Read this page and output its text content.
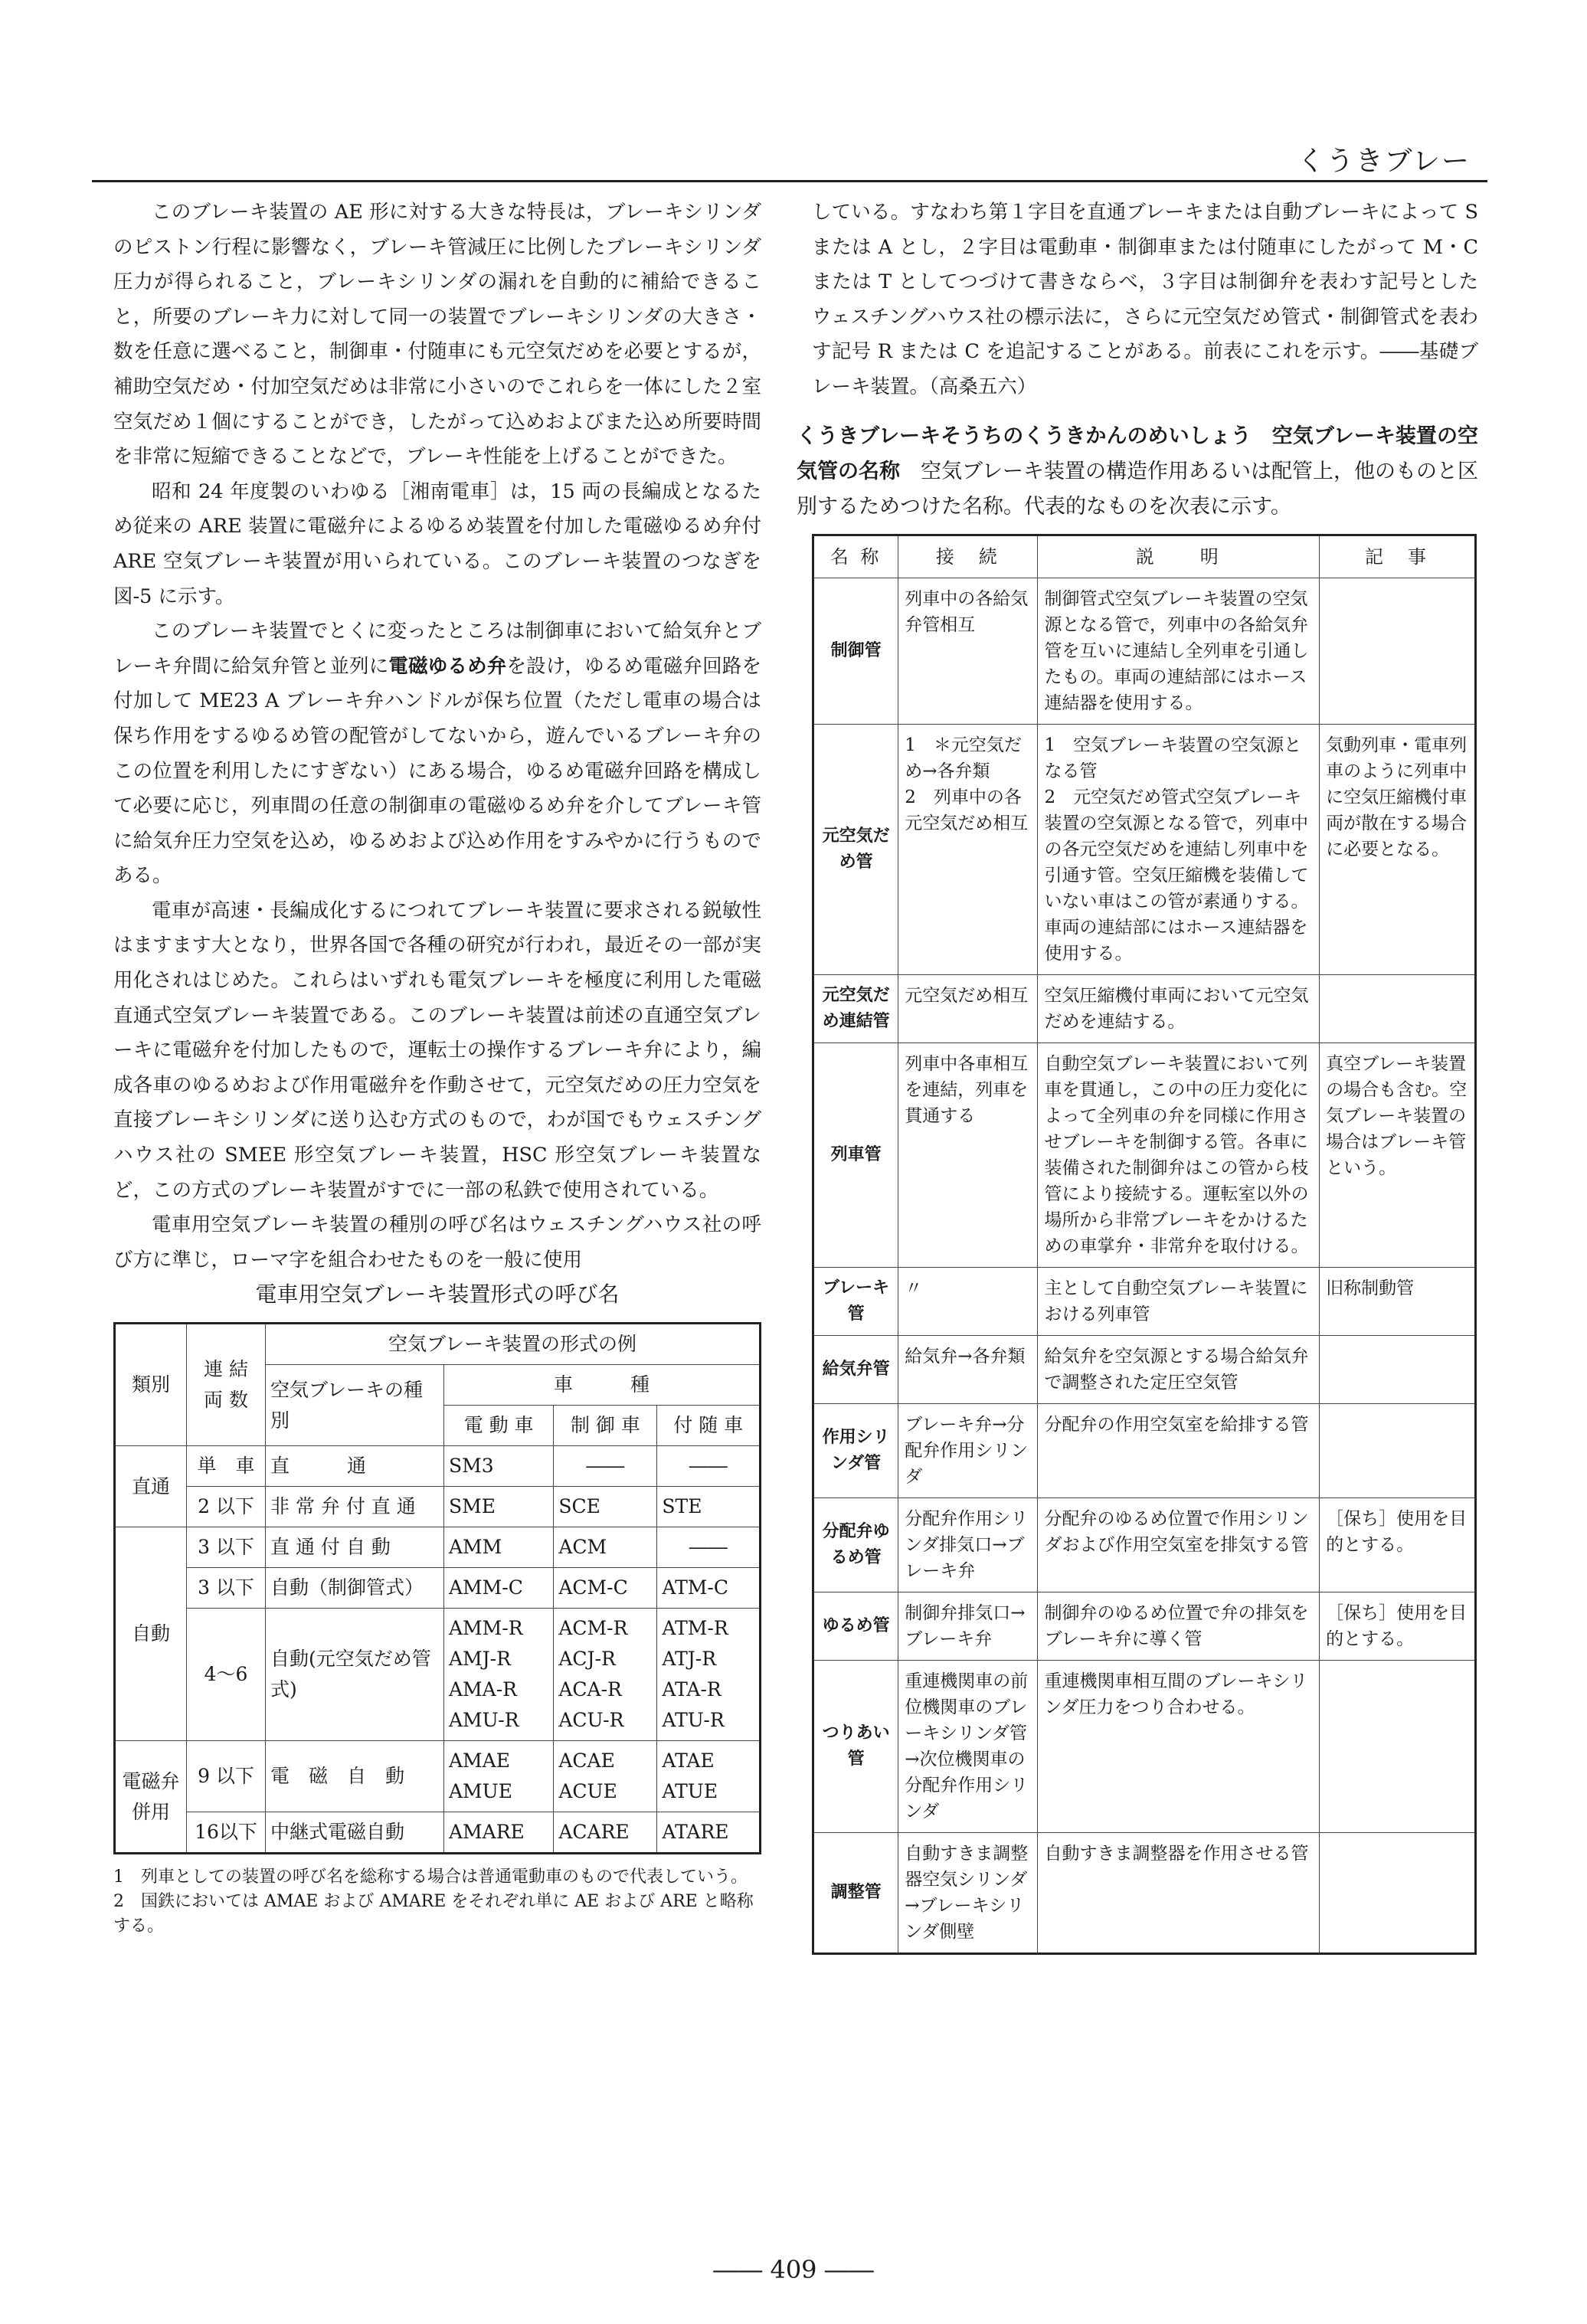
くうきブレー

このブレーキ装置の AE 形に対する大きな特長は，ブレーキシリンダのピストン行程に影響なく，ブレーキ管減圧に比例したブレーキシリンダ圧力が得られること，ブレーキシリンダの漏れを自動的に補給できること，所要のブレーキ力に対して同一の装置でブレーキシリンダの大きさ・数を任意に選べること，制御車・付随車にも元空気だめを必要とするが，補助空気だめ・付加空気だめは非常に小さいのでこれらを一体にした２室空気だめ１個にすることができ，したがって込めおよびまた込め所要時間を非常に短縮できることなどで，ブレーキ性能を上げることができた。

昭和 24 年度製のいわゆる［湘南電車］は，15 両の長編成となるため従来の ARE 装置に電磁弁によるゆるめ装置を付加した電磁ゆるめ弁付 ARE 空気ブレーキ装置が用いられている。このブレーキ装置のつなぎを図-5 に示す。

このブレーキ装置でとくに変ったところは制御車において給気弁とブレーキ弁間に給気弁管と並列に電磁ゆるめ弁を設け，ゆるめ電磁弁回路を付加して ME23 A ブレーキ弁ハンドルが保ち位置（ただし電車の場合は保ち作用をするゆるめ管の配管がしてないから，遊んでいるブレーキ弁のこの位置を利用したにすぎない）にある場合，ゆるめ電磁弁回路を構成して必要に応じ，列車間の任意の制御車の電磁ゆるめ弁を介してブレーキ管に給気弁圧力空気を込め，ゆるめおよび込め作用をすみやかに行うものである。

電車が高速・長編成化するにつれてブレーキ装置に要求される鋭敏性はますます大となり，世界各国で各種の研究が行われ，最近その一部が実用化されはじめた。これらはいずれも電気ブレーキを極度に利用した電磁直通式空気ブレーキ装置である。このブレーキ装置は前述の直通空気ブレーキに電磁弁を付加したもので，運転士の操作するブレーキ弁により，編成各車のゆるめおよび作用電磁弁を作動させて，元空気だめの圧力空気を直接ブレーキシリンダに送り込む方式のもので，わが国でもウェスチングハウス社の SMEE 形空気ブレーキ装置，HSC 形空気ブレーキ装置など，この方式のブレーキ装置がすでに一部の私鉄で使用されている。

電車用空気ブレーキ装置の種別の呼び名はウェスチングハウス社の呼び方に準じ，ローマ字を組合わせたものを一般に使用

電車用空気ブレーキ装置形式の呼び名

類別	連 結 両 数	空気ブレーキ装置の形式の例			
		空気ブレーキの種別	車　　　種		
			電 動 車	制 御 車	付 随 車
直通	単　車	直　　　通	SM3	――	――
	2 以下	非 常 弁 付 直 通	SME	SCE	STE
自動	3 以下	直 通 付 自 動	AMM	ACM	――
	3 以下	自動（制御管式）	AMM-C	ACM-C	ATM-C
	4～6	自動(元空気だめ管式)	AMM-R
AMJ-R
AMA-R
AMU-R	ACM-R
ACJ-R
ACA-R
ACU-R	ATM-R
ATJ-R
ATA-R
ATU-R
電磁弁併用	9 以下	電　磁　自　動	AMAE
AMUE	ACAE
ACUE	ATAE
ATUE
	16以下	中継式電磁自動	AMARE	ACARE	ATARE

1　列車としての装置の呼び名を総称する場合は普通電動車のもので代表していう。

2　国鉄においては AMAE および AMARE をそれぞれ単に AE および ARE と略称する。

している。すなわち第１字目を直通ブレーキまたは自動ブレーキによって S または A とし，２字目は電動車・制御車または付随車にしたがって M・C または T としてつづけて書きならべ，３字目は制御弁を表わす記号としたウェスチングハウス社の標示法に，さらに元空気だめ管式・制御管式を表わす記号 R または C を追記することがある。前表にこれを示す。――基礎ブレーキ装置。（高桑五六）

くうきブレーキそうちのくうきかんのめいしょう　空気ブレーキ装置の空気管の名称　空気ブレーキ装置の構造作用あるいは配管上，他のものと区別するためつけた名称。代表的なものを次表に示す。

名 称	接　続	説　　明	記　事
制御管	列車中の各給気弁管相互	制御管式空気ブレーキ装置の空気源となる管で，列車中の各給気弁管を互いに連結し全列車を引通したもの。車両の連結部にはホース連結器を使用する。	
元空気だめ管	1　＊元空気だめ→各弁類
2　列車中の各元空気だめ相互	1　空気ブレーキ装置の空気源となる管
2　元空気だめ管式空気ブレーキ装置の空気源となる管で，列車中の各元空気だめを連結し列車中を引通す管。空気圧縮機を装備していない車はこの管が素通りする。車両の連結部にはホース連結器を使用する。	気動列車・電車列車のように列車中に空気圧縮機付車両が散在する場合に必要となる。
元空気だめ連結管	元空気だめ相互	空気圧縮機付車両において元空気だめを連結する。	
列車管	列車中各車相互を連結，列車を貫通する	自動空気ブレーキ装置において列車を貫通し，この中の圧力変化によって全列車の弁を同様に作用させブレーキを制御する管。各車に装備された制御弁はこの管から枝管により接続する。運転室以外の場所から非常ブレーキをかけるための車掌弁・非常弁を取付ける。	真空ブレーキ装置の場合も含む。空気ブレーキ装置の場合はブレーキ管という。
ブレーキ管	〃	主として自動空気ブレーキ装置における列車管	旧称制動管
給気弁管	給気弁→各弁類	給気弁を空気源とする場合給気弁で調整された定圧空気管	
作用シリンダ管	ブレーキ弁→分配弁作用シリンダ	分配弁の作用空気室を給排する管	
分配弁ゆるめ管	分配弁作用シリンダ排気口→ブレーキ弁	分配弁のゆるめ位置で作用シリンダおよび作用空気室を排気する管	［保ち］使用を目的とする。
ゆるめ管	制御弁排気口→ブレーキ弁	制御弁のゆるめ位置で弁の排気をブレーキ弁に導く管	［保ち］使用を目的とする。
つりあい管	重連機関車の前位機関車のブレーキシリンダ管→次位機関車の分配弁作用シリンダ	重連機関車相互間のブレーキシリンダ圧力をつり合わせる。	
調整管	自動すきま調整器空気シリンダ→ブレーキシリンダ側壁	自動すきま調整器を作用させる管	
―― 409 ――
